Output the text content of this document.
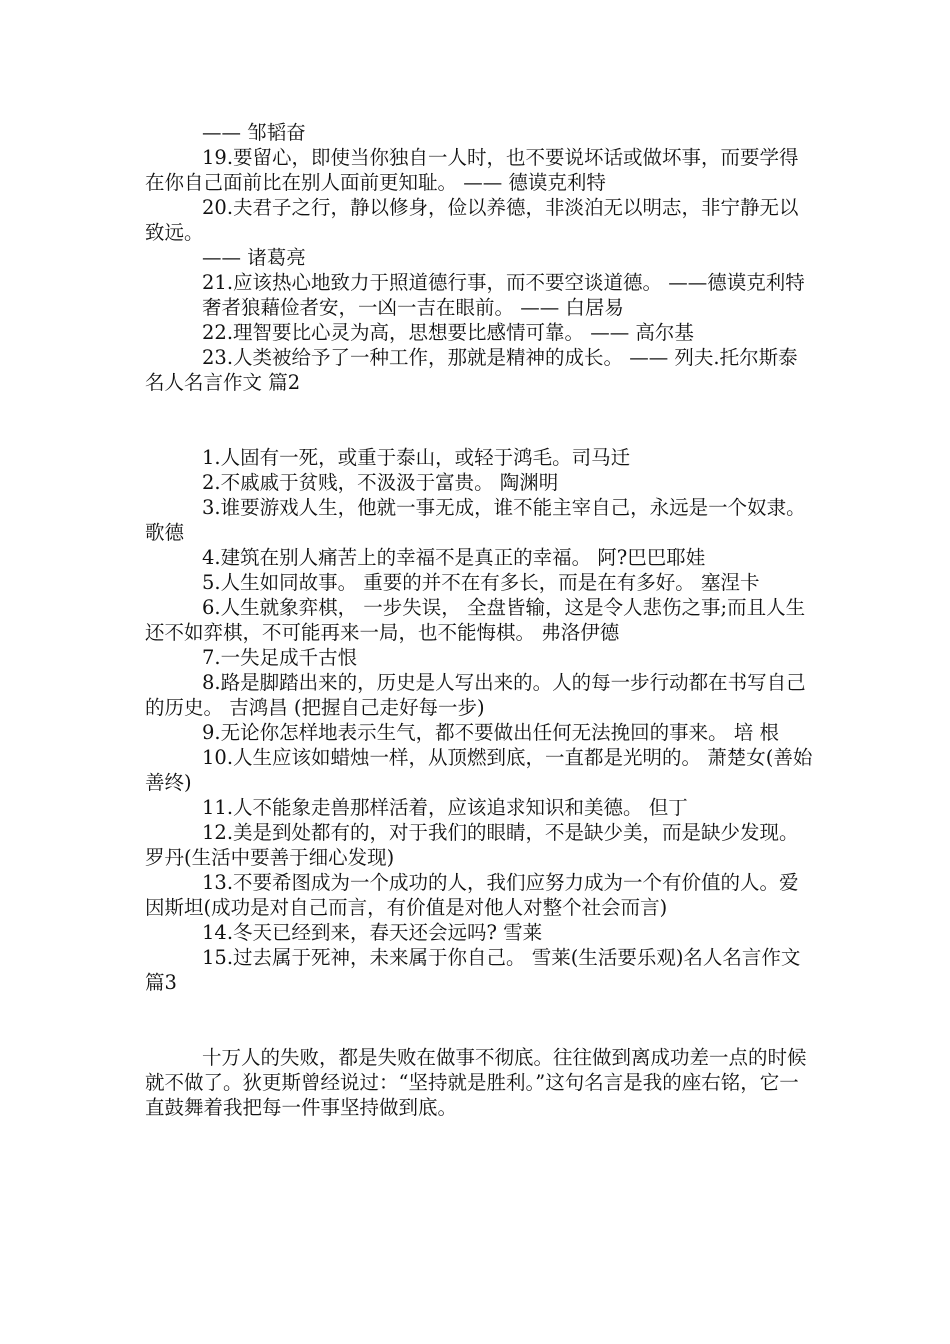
—— 邹韬奋

19.要留心，即使当你独自一人时，也不要说坏话或做坏事，而要学得在你自己面前比在别人面前更知耻。 —— 德谟克利特

20.夫君子之行，静以修身，俭以养德，非淡泊无以明志，非宁静无以致远。

—— 诸葛亮

21.应该热心地致力于照道德行事，而不要空谈道德。 ——德谟克利特

奢者狼藉俭者安，一凶一吉在眼前。 —— 白居易

22.理智要比心灵为高，思想要比感情可靠。 —— 高尔基

23.人类被给予了一种工作，那就是精神的成长。 —— 列夫.托尔斯泰名人名言作文 篇2

1.人固有一死，或重于泰山，或轻于鸿毛。司马迁

2.不戚戚于贫贱，不汲汲于富贵。 陶渊明

3.谁要游戏人生，他就一事无成，谁不能主宰自己，永远是一个奴隶。 歌德

4.建筑在别人痛苦上的幸福不是真正的幸福。 阿?巴巴耶娃

5.人生如同故事。 重要的并不在有多长，而是在有多好。 塞涅卡

6.人生就象弈棋， 一步失误， 全盘皆输，这是令人悲伤之事;而且人生还不如弈棋，不可能再来一局，也不能悔棋。 弗洛伊德

7.一失足成千古恨

8.路是脚踏出来的，历史是人写出来的。人的每一步行动都在书写自己的历史。 吉鸿昌 (把握自己走好每一步)

9.无论你怎样地表示生气，都不要做出任何无法挽回的事来。 培 根

10.人生应该如蜡烛一样，从顶燃到底，一直都是光明的。 萧楚女(善始善终)

11.人不能象走兽那样活着，应该追求知识和美德。 但丁

12.美是到处都有的，对于我们的眼睛，不是缺少美，而是缺少发现。罗丹(生活中要善于细心发现)

13.不要希图成为一个成功的人，我们应努力成为一个有价值的人。爱因斯坦(成功是对自己而言，有价值是对他人对整个社会而言)

14.冬天已经到来，春天还会远吗? 雪莱

15.过去属于死神，未来属于你自己。 雪莱(生活要乐观)名人名言作文 篇3

十万人的失败，都是失败在做事不彻底。往往做到离成功差一点的时候就不做了。狄更斯曾经说过：“坚持就是胜利。”这句名言是我的座右铭，它一直鼓舞着我把每一件事坚持做到底。
